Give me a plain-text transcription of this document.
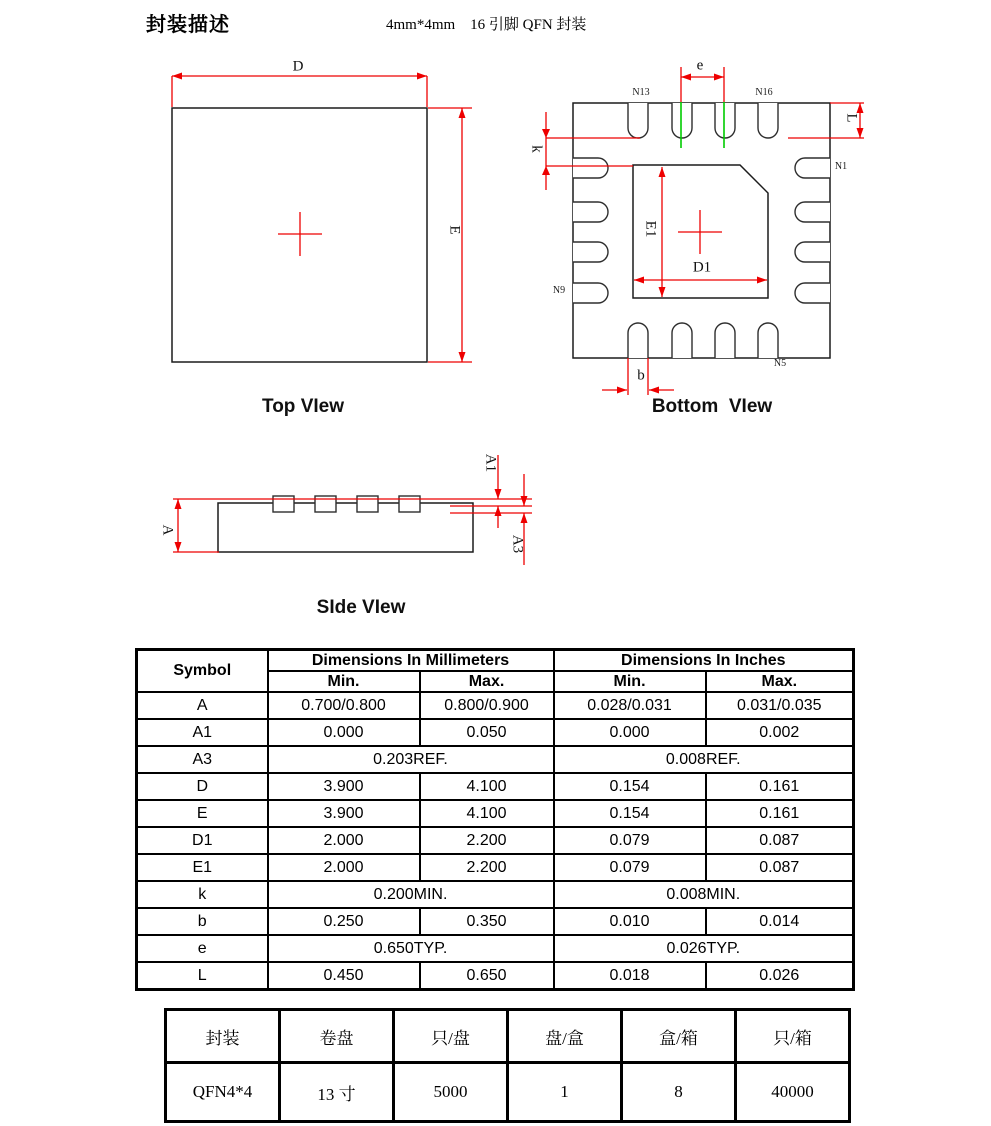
封装描述	4mm*4mm    16 引脚 QFN 封装
D
E
Top VIew
e
k
L
E1
D1
b
N13	N16
N1
N9
N5
Bottom  VIew
A
A1
A3
SIde VIew
Symbol	Dimensions In Millimeters		Dimensions In Inches	
	Min.	Max.	Min.	Max.
A	0.700/0.800	0.800/0.900	0.028/0.031	0.031/0.035
A1	0.000	0.050	0.000	0.002
A3	0.203REF.		0.008REF.	
D	3.900	4.100	0.154	0.161
E	3.900	4.100	0.154	0.161
D1	2.000	2.200	0.079	0.087
E1	2.000	2.200	0.079	0.087
k	0.200MIN.		0.008MIN.	
b	0.250	0.350	0.010	0.014
e	0.650TYP.		0.026TYP.	
L	0.450	0.650	0.018	0.026
封装	卷盘	只/盘	盘/盒	盒/箱	只/箱
QFN4*4	13 寸	5000	1	8	40000
